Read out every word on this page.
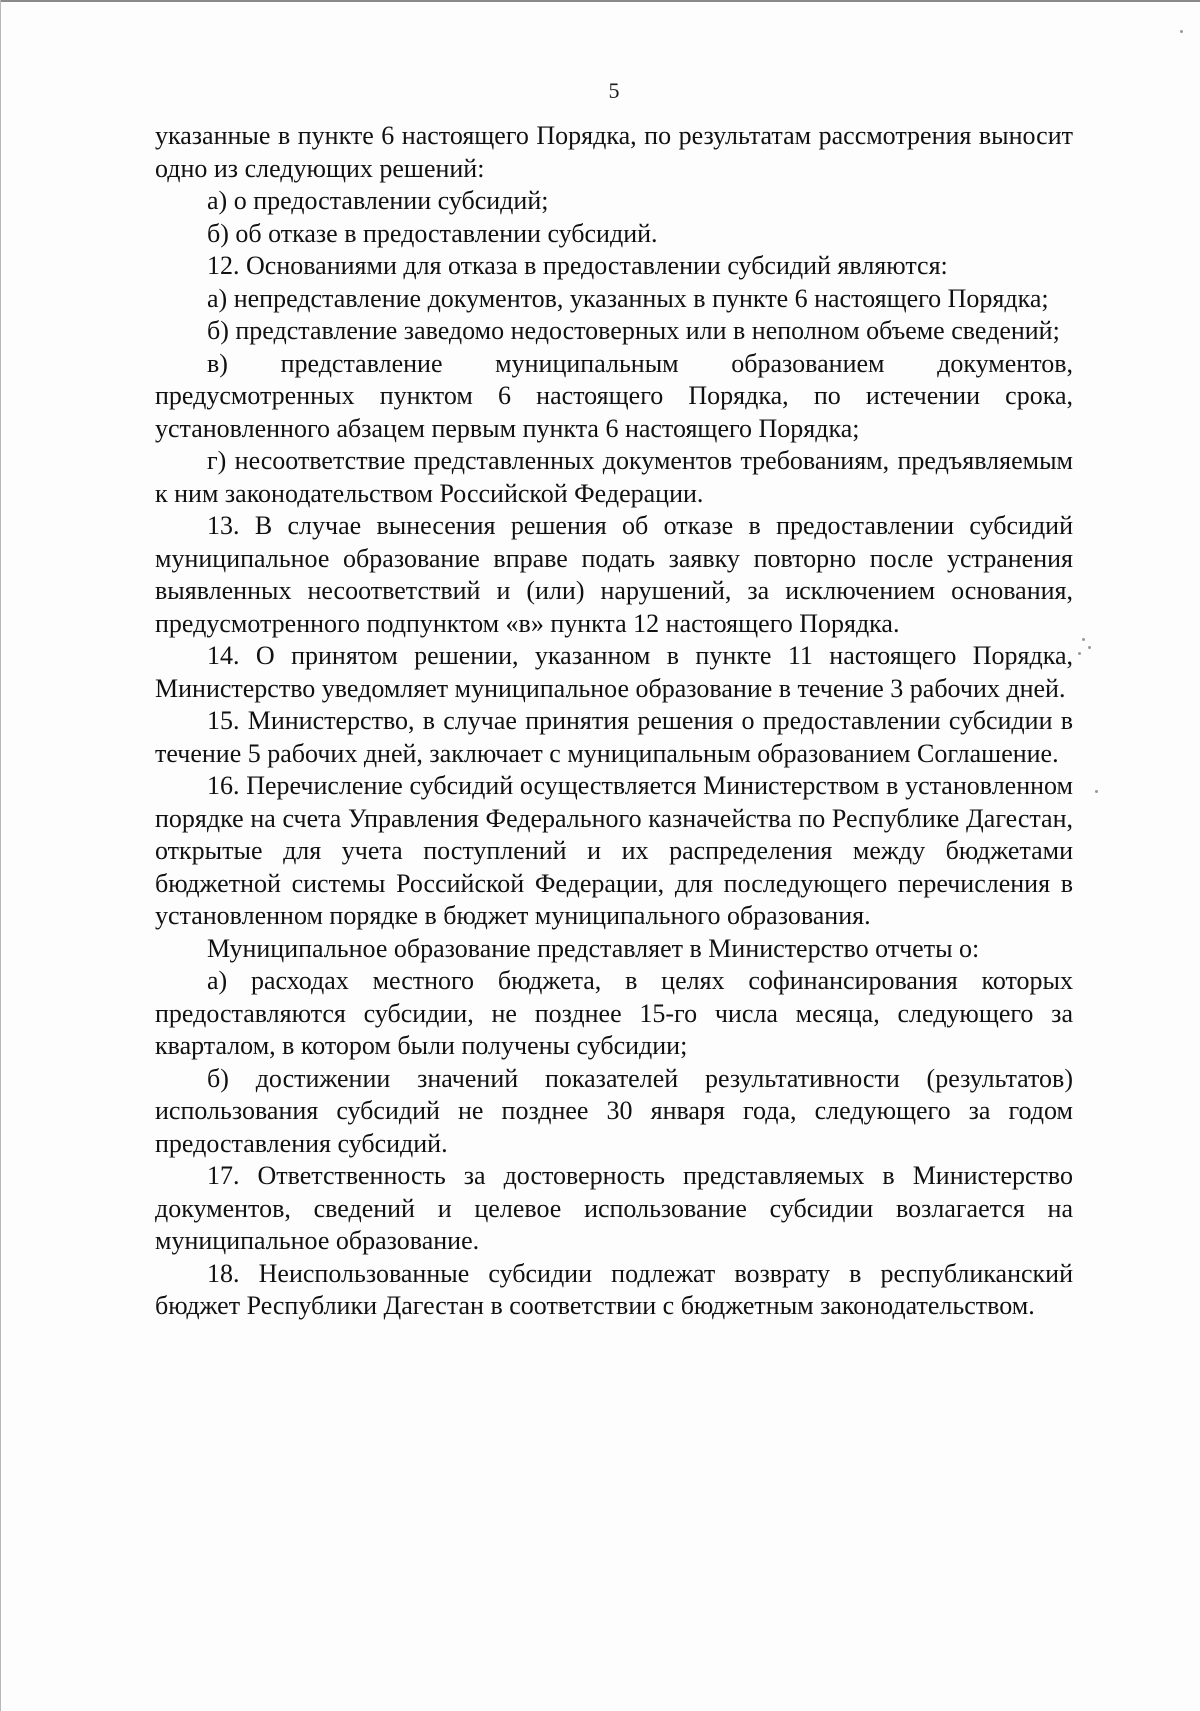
5

указанные в пункте 6 настоящего Порядка, по результатам рассмотрения выносит одно из следующих решений:

а) о предоставлении субсидий;

б) об отказе в предоставлении субсидий.

12. Основаниями для отказа в предоставлении субсидий являются:

а) непредставление документов, указанных в пункте 6 настоящего Порядка;

б) представление заведомо недостоверных или в неполном объеме сведений;

в) представление муниципальным образованием документов, предусмотренных пунктом 6 настоящего Порядка, по истечении срока, установленного абзацем первым пункта 6 настоящего Порядка;

г) несоответствие представленных документов требованиям, предъявляемым к ним законодательством Российской Федерации.

13. В случае вынесения решения об отказе в предоставлении субсидий муниципальное образование вправе подать заявку повторно после устранения выявленных несоответствий и (или) нарушений, за исключением основания, предусмотренного подпунктом «в» пункта 12 настоящего Порядка.

14. О принятом решении, указанном в пункте 11 настоящего Порядка, Министерство уведомляет муниципальное образование в течение 3 рабочих дней.

15. Министерство, в случае принятия решения о предоставлении субсидии в течение 5 рабочих дней, заключает с муниципальным образованием Соглашение.

16. Перечисление субсидий осуществляется Министерством в установленном порядке на счета Управления Федерального казначейства по Республике Дагестан, открытые для учета поступлений и их распределения между бюджетами бюджетной системы Российской Федерации, для последующего перечисления в установленном порядке в бюджет муниципального образования.

Муниципальное образование представляет в Министерство отчеты о:

а) расходах местного бюджета, в целях софинансирования которых предоставляются субсидии, не позднее 15-го числа месяца, следующего за кварталом, в котором были получены субсидии;

б) достижении значений показателей результативности (результатов) использования субсидий не позднее 30 января года, следующего за годом предоставления субсидий.

17. Ответственность за достоверность представляемых в Министерство документов, сведений и целевое использование субсидии возлагается на муниципальное образование.

18. Неиспользованные субсидии подлежат возврату в республиканский бюджет Республики Дагестан в соответствии с бюджетным законодательством.
